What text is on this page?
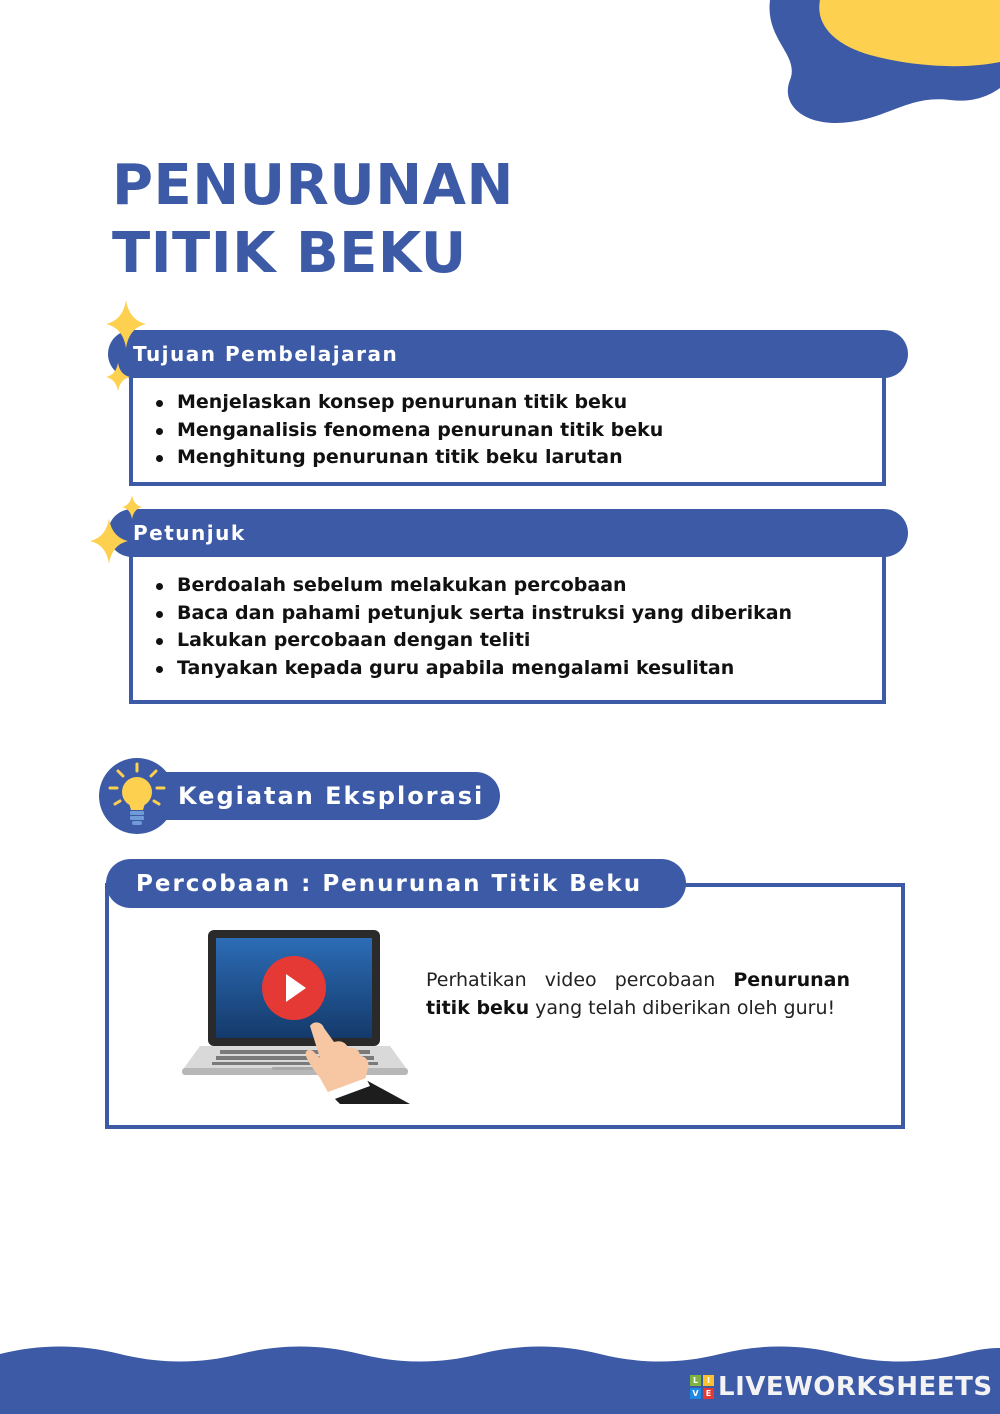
PENURUNAN
TITIK BEKU
Menjelaskan konsep penurunan titik beku
Menganalisis fenomena penurunan titik beku
Menghitung penurunan titik beku larutan
Tujuan Pembelajaran
Berdoalah sebelum melakukan percobaan
Baca dan pahami petunjuk serta instruksi yang diberikan
Lakukan percobaan dengan teliti
Tanyakan kepada guru apabila mengalami kesulitan
Petunjuk
Kegiatan Eksplorasi
Percobaan : Penurunan Titik Beku
Perhatikan video percobaan Penurunan titik beku yang telah diberikan oleh guru!
L	I
V E LIVEWORKSHEETS
